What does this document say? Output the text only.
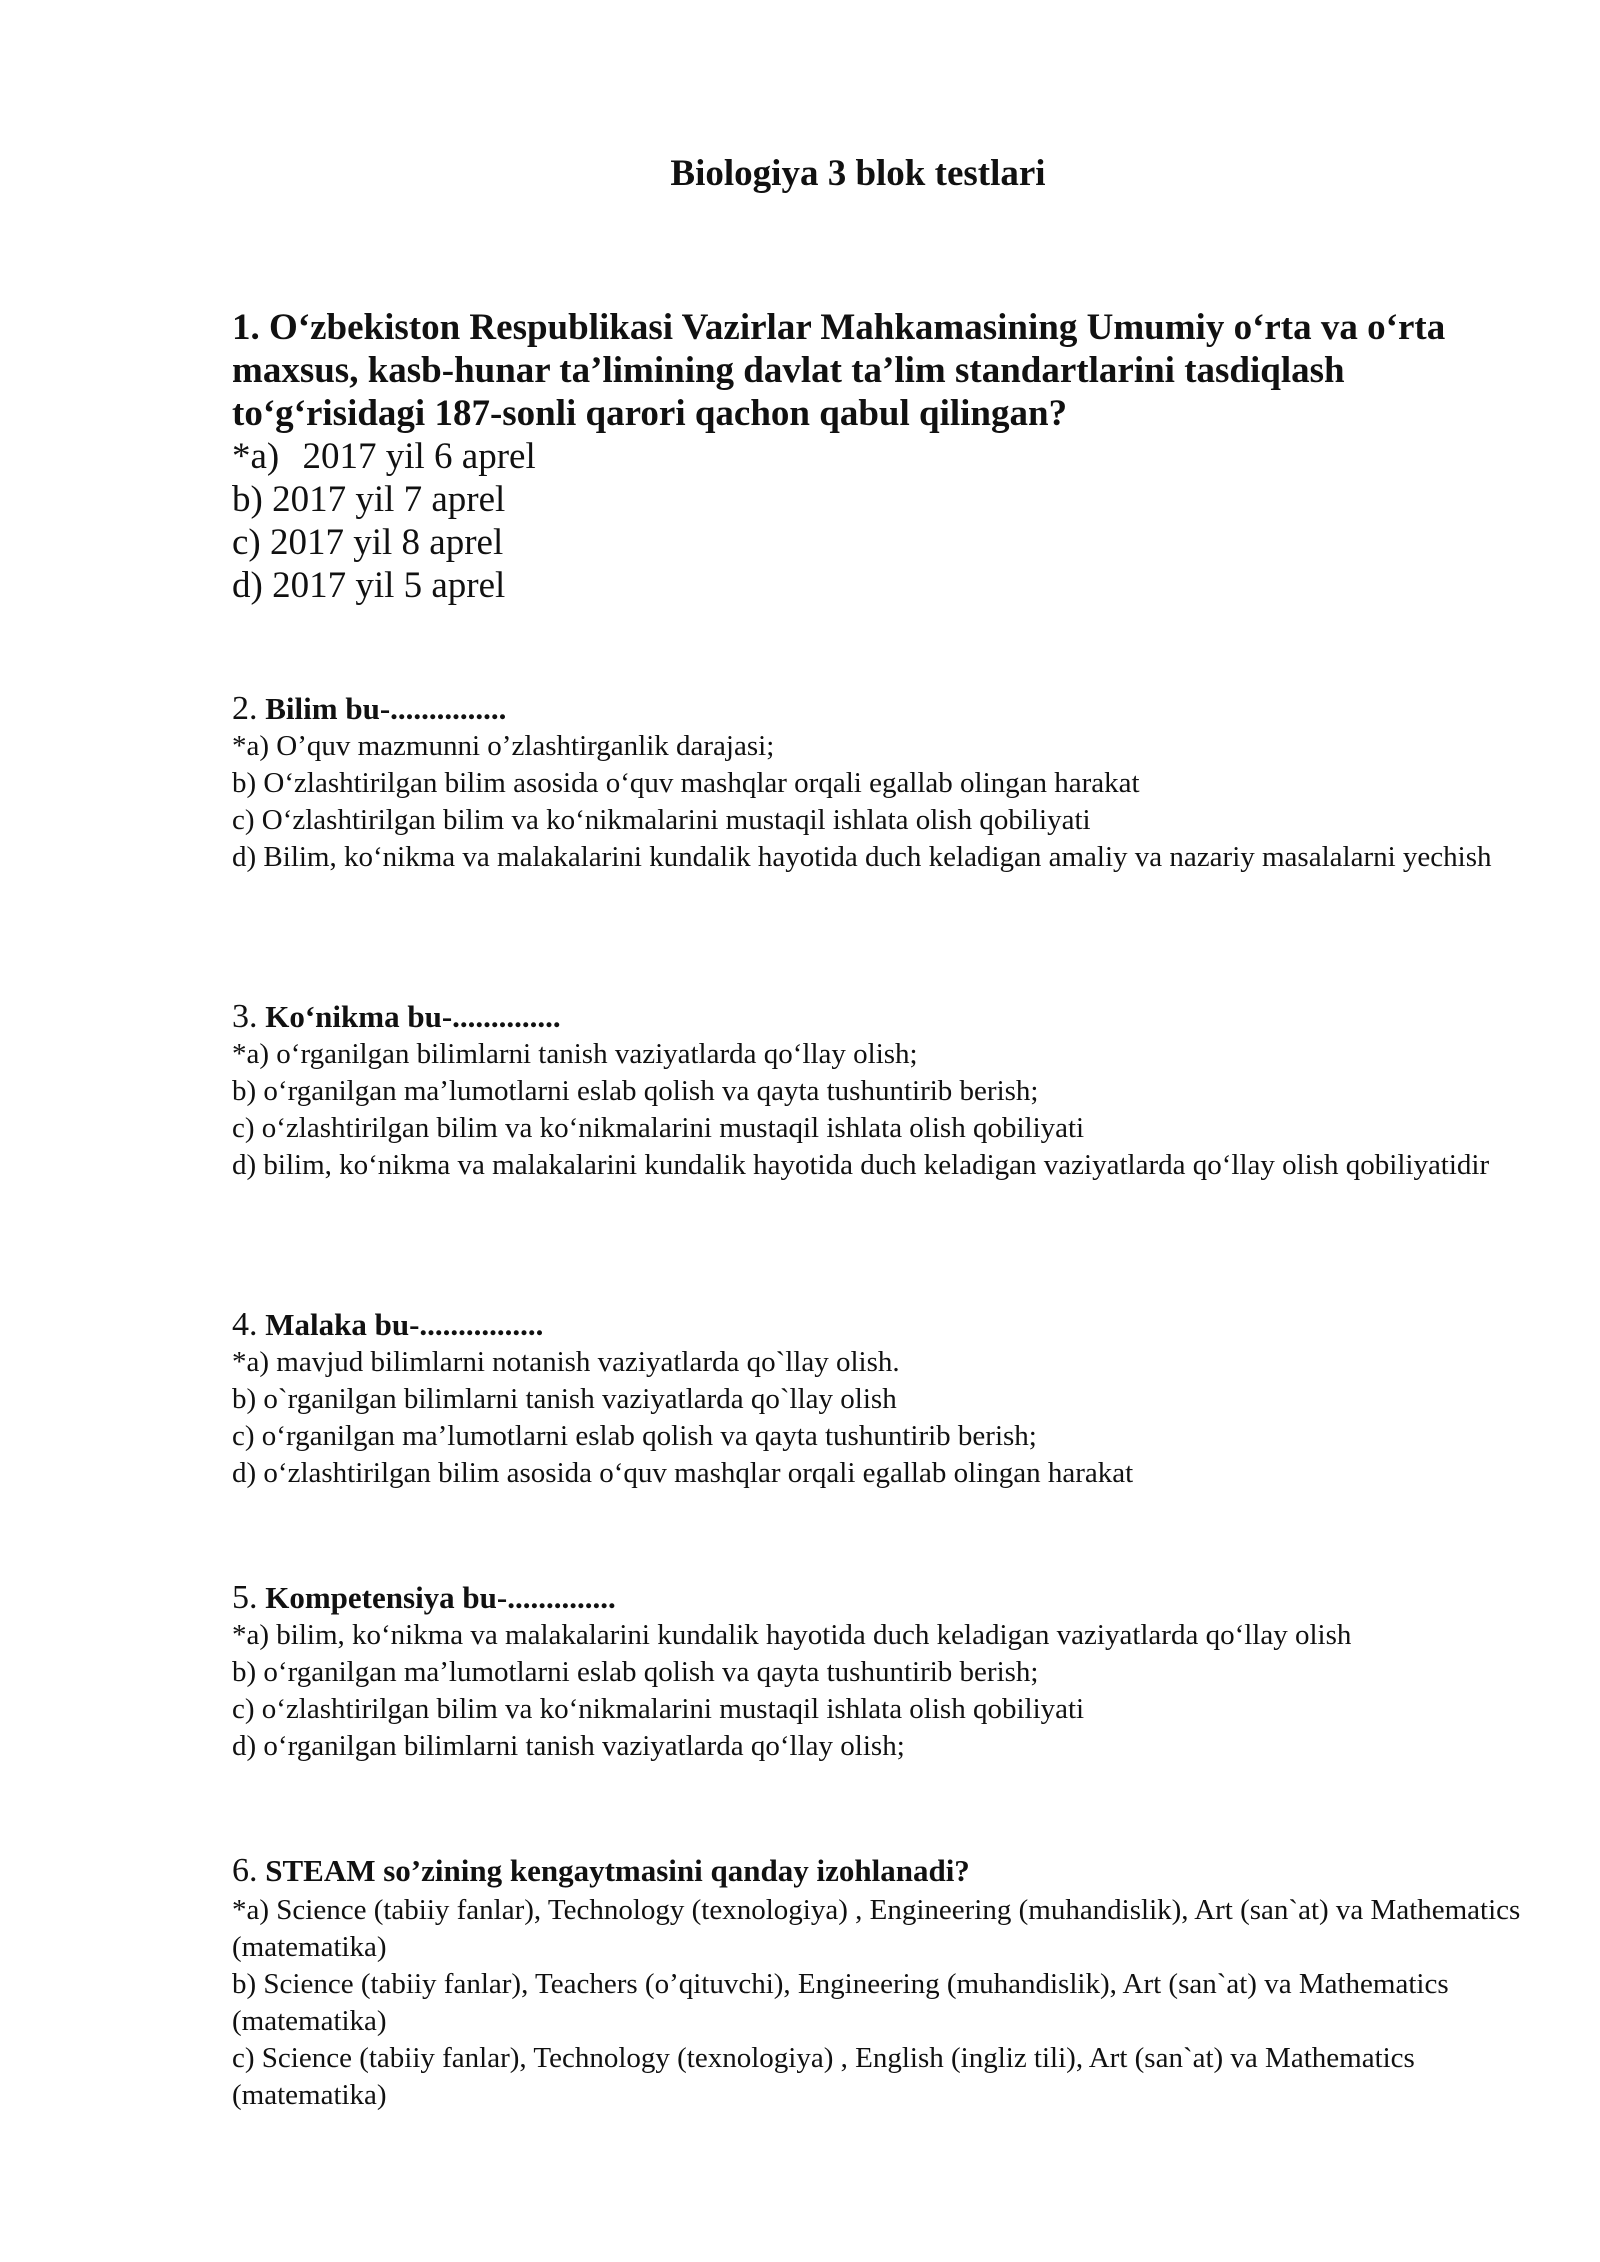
Biologiya 3 blok testlari
1. O‘zbekiston Respublikasi Vazirlar Mahkamasining Umumiy o‘rta va o‘rta
maxsus, kasb-hunar ta’limining davlat ta’lim standartlarini tasdiqlash
to‘g‘risidagi 187-sonli qarori qachon qabul qilingan?
*a) 2017 yil 6 aprel
b) 2017 yil 7 aprel
c) 2017 yil 8 aprel
d) 2017 yil 5 aprel
2. Bilim bu-...............
*a) O’quv mazmunni o’zlashtirganlik darajasi;
b) O‘zlashtirilgan bilim asosida o‘quv mashqlar orqali egallab olingan harakat
c) O‘zlashtirilgan bilim va ko‘nikmalarini mustaqil ishlata olish qobiliyati
d) Bilim, ko‘nikma va malakalarini kundalik hayotida duch keladigan amaliy va nazariy masalalarni yechish
3. Ko‘nikma bu-..............
*a) o‘rganilgan bilimlarni tanish vaziyatlarda qo‘llay olish;
b) o‘rganilgan ma’lumotlarni eslab qolish va qayta tushuntirib berish;
c) o‘zlashtirilgan bilim va ko‘nikmalarini mustaqil ishlata olish qobiliyati
d) bilim, ko‘nikma va malakalarini kundalik hayotida duch keladigan vaziyatlarda qo‘llay olish qobiliyatidir
4. Malaka bu-................
*a) mavjud bilimlarni notanish vaziyatlarda qo`llay olish.
b) o`rganilgan bilimlarni tanish vaziyatlarda qo`llay olish
c) o‘rganilgan ma’lumotlarni eslab qolish va qayta tushuntirib berish;
d) o‘zlashtirilgan bilim asosida o‘quv mashqlar orqali egallab olingan harakat
5. Kompetensiya bu-..............
*a) bilim, ko‘nikma va malakalarini kundalik hayotida duch keladigan vaziyatlarda qo‘llay olish
b) o‘rganilgan ma’lumotlarni eslab qolish va qayta tushuntirib berish;
c) o‘zlashtirilgan bilim va ko‘nikmalarini mustaqil ishlata olish qobiliyati
d) o‘rganilgan bilimlarni tanish vaziyatlarda qo‘llay olish;
6. STEAM so’zining kengaytmasini qanday izohlanadi?
*a) Science (tabiiy fanlar), Technology (texnologiya) , Engineering (muhandislik), Art (san`at) va Mathematics (matematika)
b) Science (tabiiy fanlar), Teachers (o’qituvchi), Engineering (muhandislik), Art (san`at) va Mathematics (matematika)
c) Science (tabiiy fanlar), Technology (texnologiya) , English (ingliz tili), Art (san`at) va Mathematics (matematika)
